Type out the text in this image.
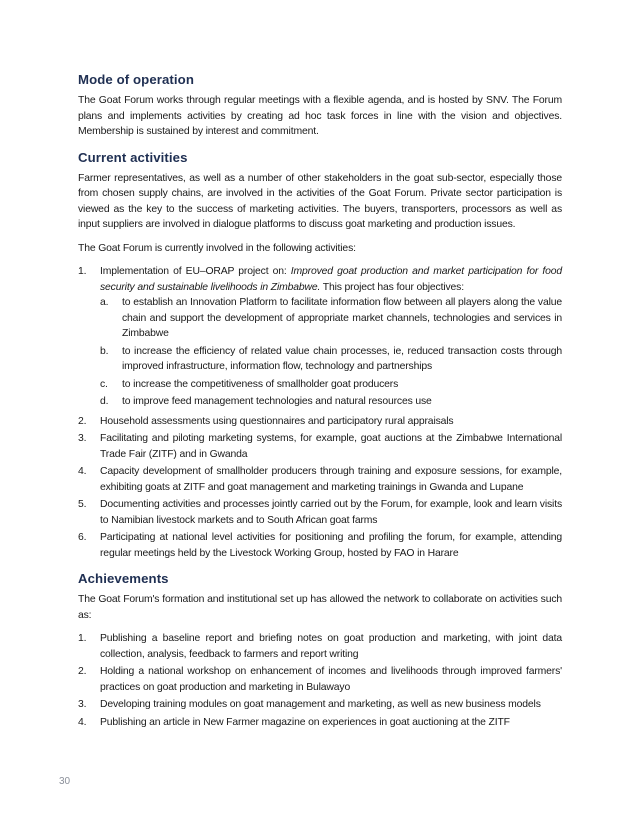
Mode of operation

The Goat Forum works through regular meetings with a flexible agenda, and is hosted by SNV. The Forum plans and implements activities by creating ad hoc task forces in line with the vision and objectives. Membership is sustained by interest and commitment.

Current activities

Farmer representatives, as well as a number of other stakeholders in the goat sub-sector, especially those from chosen supply chains, are involved in the activities of the Goat Forum. Private sector participation is viewed as the key to the success of marketing activities. The buyers, transporters, processors as well as input suppliers are involved in dialogue platforms to discuss goat marketing and production issues.

The Goat Forum is currently involved in the following activities:

1.	Implementation of EU–ORAP project on: Improved goat production and market participation for food security and sustainable livelihoods in Zimbabwe. This project has four objectives:
a.	to establish an Innovation Platform to facilitate information flow between all players along the value chain and support the development of appropriate market channels, technologies and services in Zimbabwe
b.	to increase the efficiency of related value chain processes, ie, reduced transaction costs through improved infrastructure, information flow, technology and partnerships
c.	to increase the competitiveness of smallholder goat producers
d.	to improve feed management technologies and natural resources use
2.	Household assessments using questionnaires and participatory rural appraisals
3.	Facilitating and piloting marketing systems, for example, goat auctions at the Zimbabwe International Trade Fair (ZITF) and in Gwanda
4.	Capacity development of smallholder producers through training and exposure sessions, for example, exhibiting goats at ZITF and goat management and marketing trainings in Gwanda and Lupane
5.	Documenting activities and processes jointly carried out by the Forum, for example, look and learn visits to Namibian livestock markets and to South African goat farms
6.	Participating at national level activities for positioning and profiling the forum, for example, attending regular meetings held by the Livestock Working Group, hosted by FAO in Harare
Achievements

The Goat Forum's formation and institutional set up has allowed the network to collaborate on activities such as:

1.	Publishing a baseline report and briefing notes on goat production and marketing, with joint data collection, analysis, feedback to farmers and report writing
2.	Holding a national workshop on enhancement of incomes and livelihoods through improved farmers' practices on goat production and marketing in Bulawayo
3.	Developing training modules on goat management and marketing, as well as new business models
4.	Publishing an article in New Farmer magazine on experiences in goat auctioning at the ZITF
30
